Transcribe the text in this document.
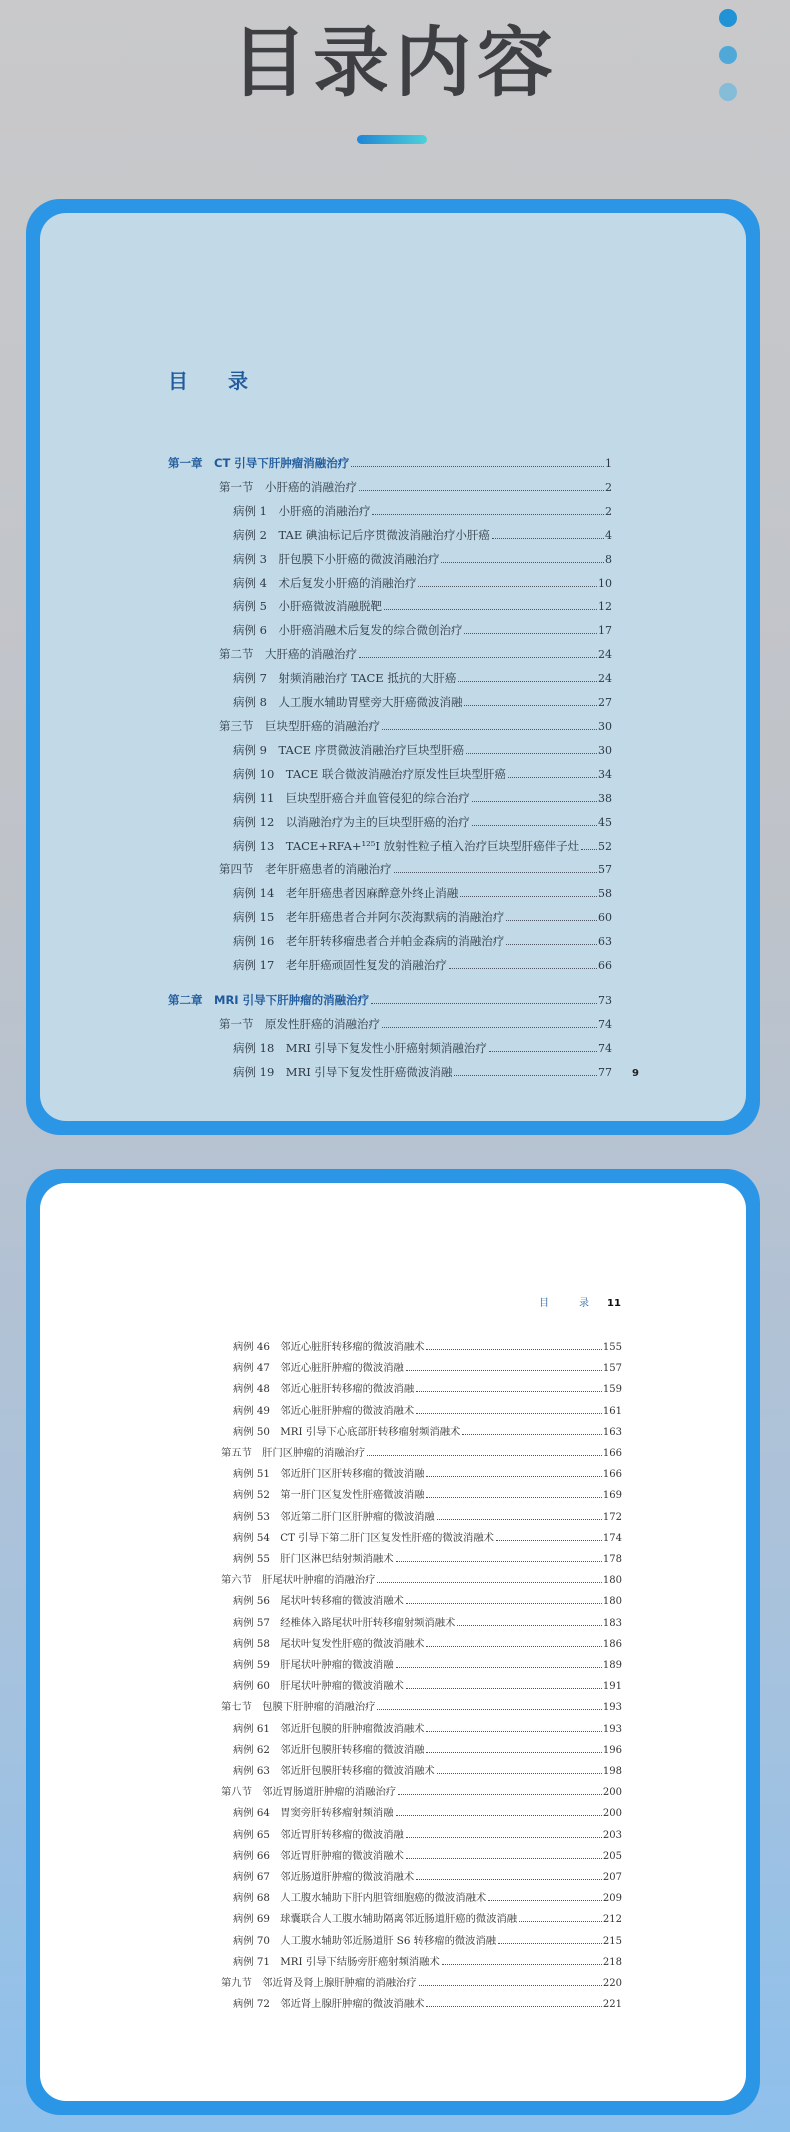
目录内容
目　录
第一章　CT 引导下肝肿瘤消融治疗	1
第一节　小肝癌的消融治疗	2
病例 1　小肝癌的消融治疗	2
病例 2　TAE 碘油标记后序贯微波消融治疗小肝癌	4
病例 3　肝包膜下小肝癌的微波消融治疗	8
病例 4　术后复发小肝癌的消融治疗	10
病例 5　小肝癌微波消融脱靶	12
病例 6　小肝癌消融术后复发的综合微创治疗	17
第二节　大肝癌的消融治疗	24
病例 7　射频消融治疗 TACE 抵抗的大肝癌	24
病例 8　人工腹水辅助胃壁旁大肝癌微波消融	27
第三节　巨块型肝癌的消融治疗	30
病例 9　TACE 序贯微波消融治疗巨块型肝癌	30
病例 10　TACE 联合微波消融治疗原发性巨块型肝癌	34
病例 11　巨块型肝癌合并血管侵犯的综合治疗	38
病例 12　以消融治疗为主的巨块型肝癌的治疗	45
病例 13　TACE+RFA+¹²⁵I 放射性粒子植入治疗巨块型肝癌伴子灶 52
第四节　老年肝癌患者的消融治疗	57
病例 14　老年肝癌患者因麻醉意外终止消融	58
病例 15　老年肝癌患者合并阿尔茨海默病的消融治疗	60
病例 16　老年肝转移瘤患者合并帕金森病的消融治疗	63
病例 17　老年肝癌顽固性复发的消融治疗	66
第二章　MRI 引导下肝肿瘤的消融治疗	73
第一节　原发性肝癌的消融治疗	74
病例 18　MRI 引导下复发性小肝癌射频消融治疗	74
病例 19　MRI 引导下复发性肝癌微波消融	77 9
目　录 11
病例 46　邻近心脏肝转移瘤的微波消融术	155
病例 47　邻近心脏肝肿瘤的微波消融	157
病例 48　邻近心脏肝转移瘤的微波消融	159
病例 49　邻近心脏肝肿瘤的微波消融术	161
病例 50　MRI 引导下心底部肝转移瘤射频消融术	163
第五节　肝门区肿瘤的消融治疗	166
病例 51　邻近肝门区肝转移瘤的微波消融	166
病例 52　第一肝门区复发性肝癌微波消融	169
病例 53　邻近第二肝门区肝肿瘤的微波消融	172
病例 54　CT 引导下第二肝门区复发性肝癌的微波消融术	174
病例 55　肝门区淋巴结射频消融术	178
第六节　肝尾状叶肿瘤的消融治疗	180
病例 56　尾状叶转移瘤的微波消融术	180
病例 57　经椎体入路尾状叶肝转移瘤射频消融术	183
病例 58　尾状叶复发性肝癌的微波消融术	186
病例 59　肝尾状叶肿瘤的微波消融	189
病例 60　肝尾状叶肿瘤的微波消融术	191
第七节　包膜下肝肿瘤的消融治疗	193
病例 61　邻近肝包膜的肝肿瘤微波消融术	193
病例 62　邻近肝包膜肝转移瘤的微波消融	196
病例 63　邻近肝包膜肝转移瘤的微波消融术	198
第八节　邻近胃肠道肝肿瘤的消融治疗	200
病例 64　胃窦旁肝转移瘤射频消融	200
病例 65　邻近胃肝转移瘤的微波消融	203
病例 66　邻近胃肝肿瘤的微波消融术	205
病例 67　邻近肠道肝肿瘤的微波消融术	207
病例 68　人工腹水辅助下肝内胆管细胞癌的微波消融术	209
病例 69　球囊联合人工腹水辅助隔离邻近肠道肝癌的微波消融	212
病例 70　人工腹水辅助邻近肠道肝 S6 转移瘤的微波消融	215
病例 71　MRI 引导下结肠旁肝癌射频消融术	218
第九节　邻近肾及肾上腺肝肿瘤的消融治疗	220
病例 72　邻近肾上腺肝肿瘤的微波消融术	221
